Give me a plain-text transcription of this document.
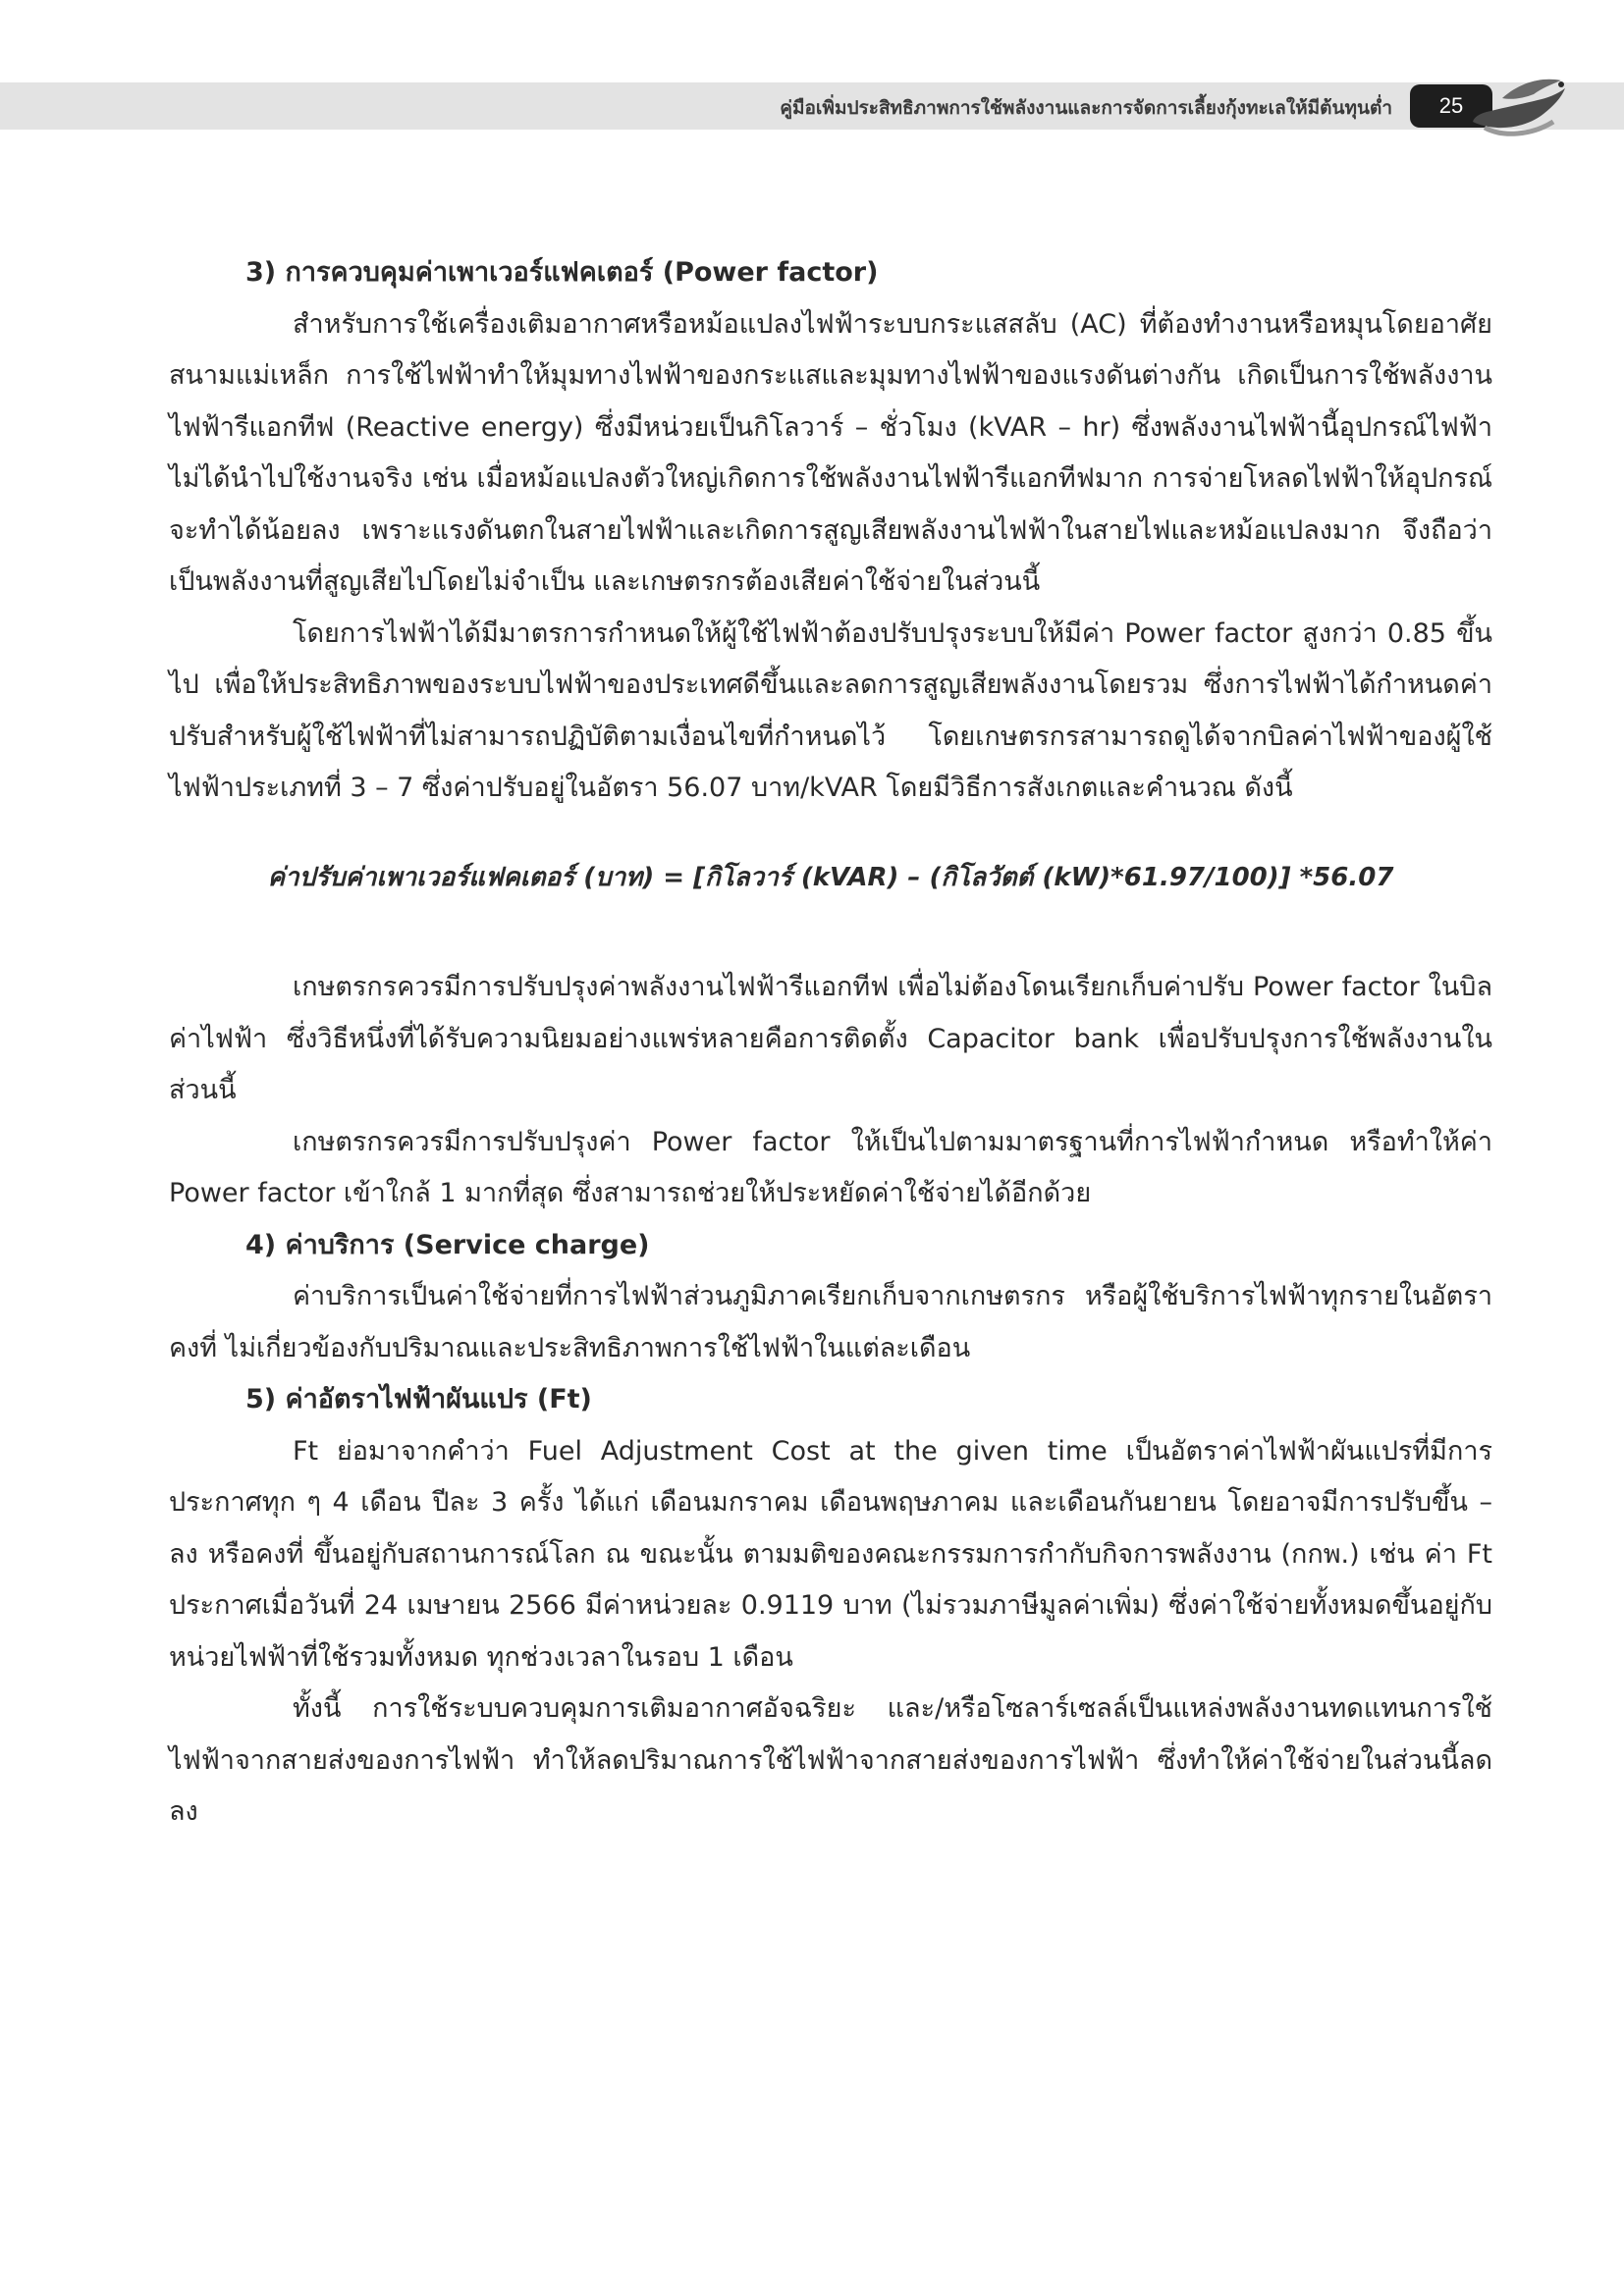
คู่มือเพิ่มประสิทธิภาพการใช้พลังงานและการจัดการเลี้ยงกุ้งทะเลให้มีต้นทุนต่ำ	25

3) การควบคุมค่าเพาเวอร์แฟคเตอร์ (Power factor)

สำหรับการใช้เครื่องเติมอากาศหรือหม้อแปลงไฟฟ้าระบบกระแสสลับ (AC) ที่ต้องทำงานหรือหมุนโดยอาศัยสนามแม่เหล็ก การใช้ไฟฟ้าทำให้มุมทางไฟฟ้าของกระแสและมุมทางไฟฟ้าของแรงดันต่างกัน เกิดเป็นการใช้พลังงานไฟฟ้ารีแอกทีฟ (Reactive energy) ซึ่งมีหน่วยเป็นกิโลวาร์ – ชั่วโมง (kVAR – hr) ซึ่งพลังงานไฟฟ้านี้อุปกรณ์ไฟฟ้าไม่ได้นำไปใช้งานจริง เช่น เมื่อหม้อแปลงตัวใหญ่เกิดการใช้พลังงานไฟฟ้ารีแอกทีฟมาก การจ่ายโหลดไฟฟ้าให้อุปกรณ์จะทำได้น้อยลง เพราะแรงดันตกในสายไฟฟ้าและเกิดการสูญเสียพลังงานไฟฟ้าในสายไฟและหม้อแปลงมาก จึงถือว่าเป็นพลังงานที่สูญเสียไปโดยไม่จำเป็น และเกษตรกรต้องเสียค่าใช้จ่ายในส่วนนี้

โดยการไฟฟ้าได้มีมาตรการกำหนดให้ผู้ใช้ไฟฟ้าต้องปรับปรุงระบบให้มีค่า Power factor สูงกว่า 0.85 ขึ้นไป เพื่อให้ประสิทธิภาพของระบบไฟฟ้าของประเทศดีขึ้นและลดการสูญเสียพลังงานโดยรวม ซึ่งการไฟฟ้าได้กำหนดค่าปรับสำหรับผู้ใช้ไฟฟ้าที่ไม่สามารถปฏิบัติตามเงื่อนไขที่กำหนดไว้ โดยเกษตรกรสามารถดูได้จากบิลค่าไฟฟ้าของผู้ใช้ไฟฟ้าประเภทที่ 3 – 7 ซึ่งค่าปรับอยู่ในอัตรา 56.07 บาท/kVAR โดยมีวิธีการสังเกตและคำนวณ ดังนี้

ค่าปรับค่าเพาเวอร์แฟคเตอร์ (บาท) = [กิโลวาร์ (kVAR) – (กิโลวัตต์ (kW)*61.97/100)] *56.07

เกษตรกรควรมีการปรับปรุงค่าพลังงานไฟฟ้ารีแอกทีฟ เพื่อไม่ต้องโดนเรียกเก็บค่าปรับ Power factor ในบิลค่าไฟฟ้า ซึ่งวิธีหนึ่งที่ได้รับความนิยมอย่างแพร่หลายคือการติดตั้ง Capacitor bank เพื่อปรับปรุงการใช้พลังงานในส่วนนี้

เกษตรกรควรมีการปรับปรุงค่า Power factor ให้เป็นไปตามมาตรฐานที่การไฟฟ้ากำหนด หรือทำให้ค่า Power factor เข้าใกล้ 1 มากที่สุด ซึ่งสามารถช่วยให้ประหยัดค่าใช้จ่ายได้อีกด้วย

4) ค่าบริการ (Service charge)

ค่าบริการเป็นค่าใช้จ่ายที่การไฟฟ้าส่วนภูมิภาคเรียกเก็บจากเกษตรกร หรือผู้ใช้บริการไฟฟ้าทุกรายในอัตราคงที่ ไม่เกี่ยวข้องกับปริมาณและประสิทธิภาพการใช้ไฟฟ้าในแต่ละเดือน

5) ค่าอัตราไฟฟ้าผันแปร (Ft)

Ft ย่อมาจากคำว่า Fuel Adjustment Cost at the given time เป็นอัตราค่าไฟฟ้าผันแปรที่มีการประกาศทุก ๆ 4 เดือน ปีละ 3 ครั้ง ได้แก่ เดือนมกราคม เดือนพฤษภาคม และเดือนกันยายน โดยอาจมีการปรับขึ้น – ลง หรือคงที่ ขึ้นอยู่กับสถานการณ์โลก ณ ขณะนั้น ตามมติของคณะกรรมการกำกับกิจการพลังงาน (กกพ.) เช่น ค่า Ft ประกาศเมื่อวันที่ 24 เมษายน 2566 มีค่าหน่วยละ 0.9119 บาท (ไม่รวมภาษีมูลค่าเพิ่ม) ซึ่งค่าใช้จ่ายทั้งหมดขึ้นอยู่กับหน่วยไฟฟ้าที่ใช้รวมทั้งหมด ทุกช่วงเวลาในรอบ 1 เดือน

ทั้งนี้ การใช้ระบบควบคุมการเติมอากาศอัจฉริยะ และ/หรือโซลาร์เซลล์เป็นแหล่งพลังงานทดแทนการใช้ไฟฟ้าจากสายส่งของการไฟฟ้า ทำให้ลดปริมาณการใช้ไฟฟ้าจากสายส่งของการไฟฟ้า ซึ่งทำให้ค่าใช้จ่ายในส่วนนี้ลดลง
